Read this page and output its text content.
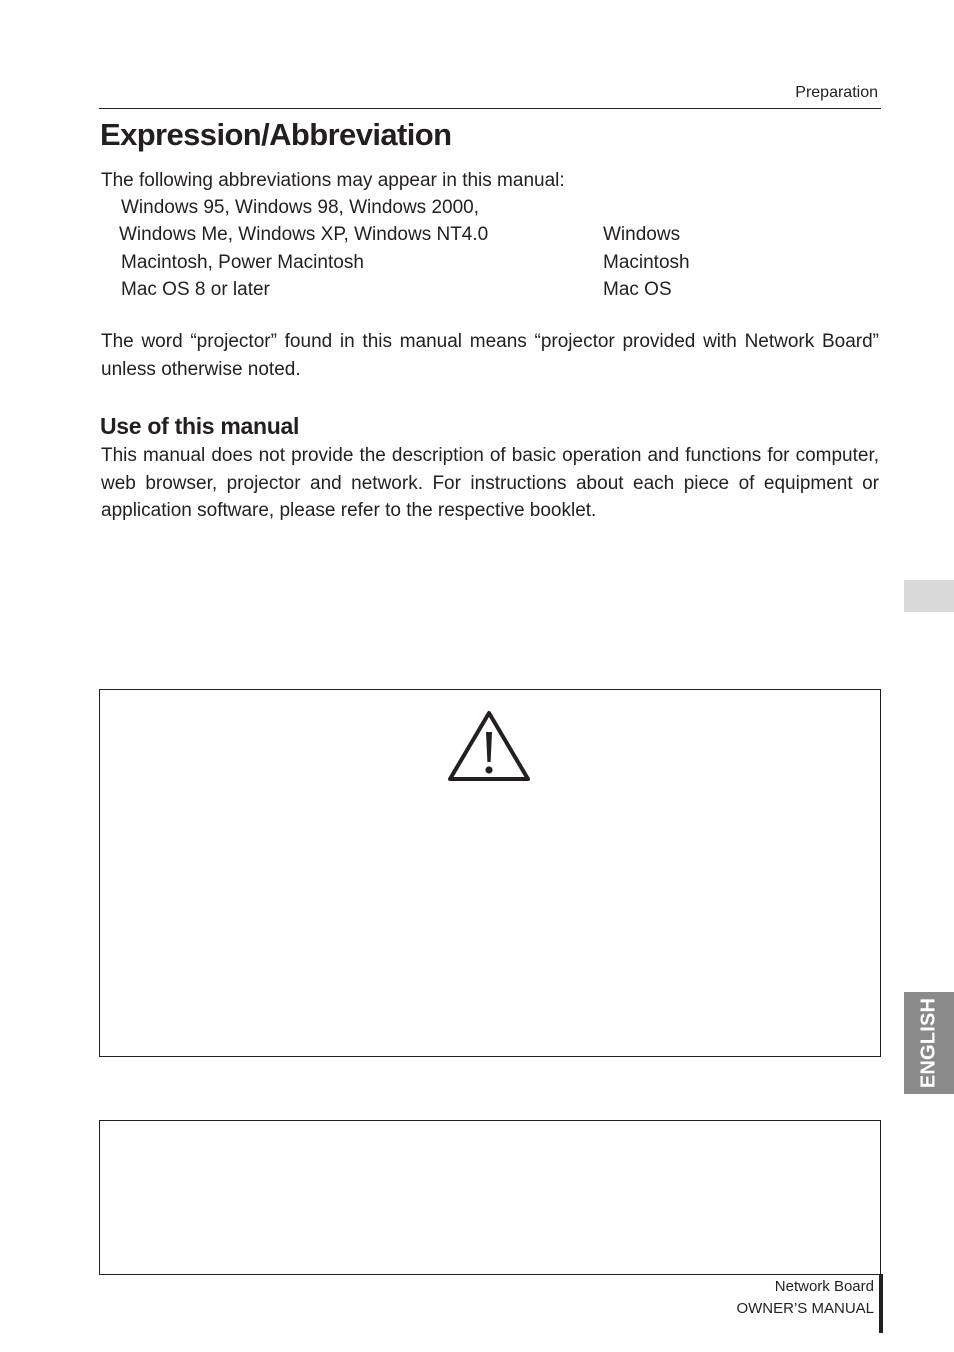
Preparation
Expression/Abbreviation
The following abbreviations may appear in this manual:
Windows 95, Windows 98, Windows 2000,
Windows Me, Windows XP, Windows NT4.0	Windows
Macintosh, Power Macintosh	Macintosh
Mac OS 8 or later	Mac OS

The word “projector” found in this manual means “projector provided with Network Board” unless otherwise noted.

Use of this manual

This manual does not provide the description of basic operation and functions for computer, web browser, projector and network. For instructions about each piece of equipment or application software, please refer to the respective booklet.

ENGLISH
Network Board
OWNER’S MANUAL
